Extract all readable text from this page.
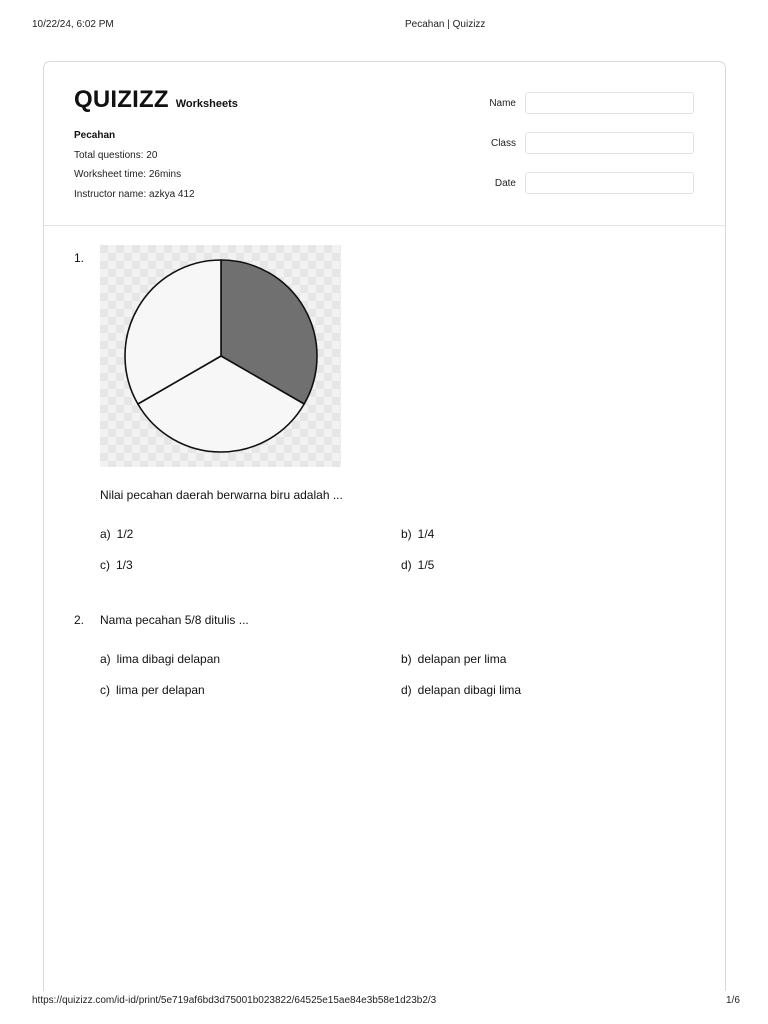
10/22/24, 6:02 PM	Pecahan | Quizizz
QUIZIZZ Worksheets
Pecahan
Total questions: 20
Worksheet time: 26mins
Instructor name: azkya 412
Name
Class
Date
1.
Nilai pecahan daerah berwarna biru adalah ...
a) 1/2	b) 1/4
c) 1/3	d) 1/5
2. Nama pecahan 5/8 ditulis ...
a) lima dibagi delapan	b) delapan per lima
c) lima per delapan	d) delapan dibagi lima
https://quizizz.com/id-id/print/5e719af6bd3d75001b023822/64525e15ae84e3b58e1d23b2/3	1/6
